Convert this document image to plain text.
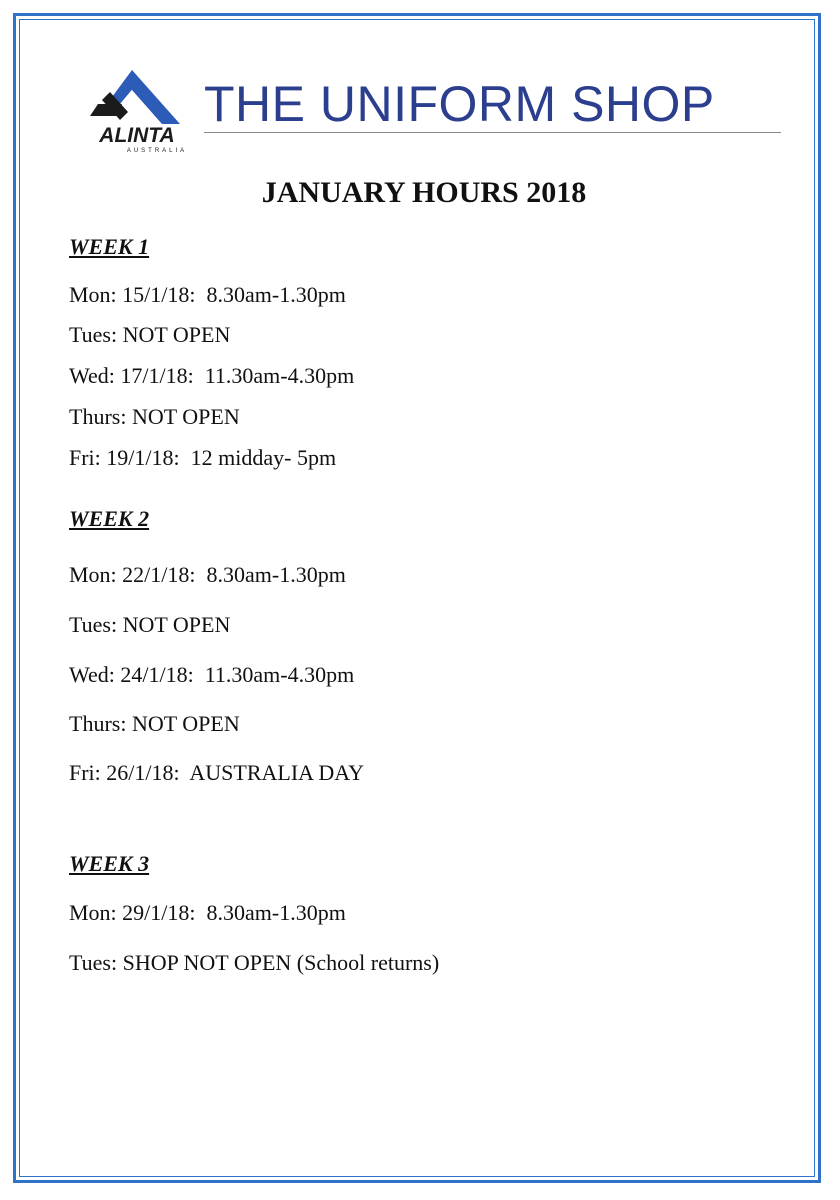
ALINTA
AUSTRALIA
THE UNIFORM SHOP
JANUARY HOURS 2018
WEEK 1
Mon: 15/1/18:  8.30am-1.30pm
Tues: NOT OPEN
Wed: 17/1/18:  11.30am-4.30pm
Thurs: NOT OPEN
Fri: 19/1/18:  12 midday- 5pm
WEEK 2
Mon: 22/1/18:  8.30am-1.30pm
Tues: NOT OPEN
Wed: 24/1/18:  11.30am-4.30pm
Thurs: NOT OPEN
Fri: 26/1/18:  AUSTRALIA DAY
WEEK 3
Mon: 29/1/18:  8.30am-1.30pm
Tues: SHOP NOT OPEN (School returns)
